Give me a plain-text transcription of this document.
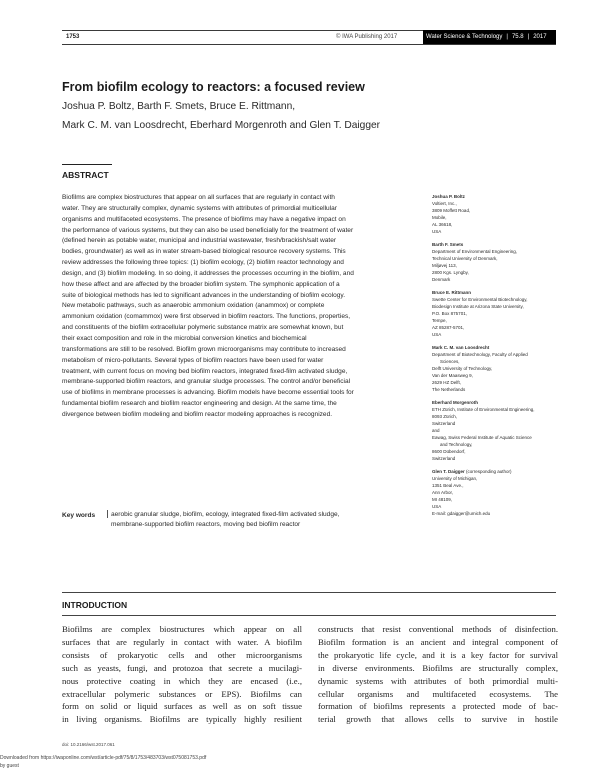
1753	© IWA Publishing 2017	Water Science & Technology | 75.8 | 2017
From biofilm ecology to reactors: a focused review
Joshua P. Boltz, Barth F. Smets, Bruce E. Rittmann,
Mark C. M. van Loosdrecht, Eberhard Morgenroth and Glen T. Daigger
ABSTRACT
Biofilms are complex biostructures that appear on all surfaces that are regularly in contact with
water. They are structurally complex, dynamic systems with attributes of primordial multicellular
organisms and multifaceted ecosystems. The presence of biofilms may have a negative impact on
the performance of various systems, but they can also be used beneficially for the treatment of water
(defined herein as potable water, municipal and industrial wastewater, fresh/brackish/salt water
bodies, groundwater) as well as in water stream-based biological resource recovery systems. This
review addresses the following three topics: (1) biofilm ecology, (2) biofilm reactor technology and
design, and (3) biofilm modeling. In so doing, it addresses the processes occurring in the biofilm, and
how these affect and are affected by the broader biofilm system. The symphonic application of a
suite of biological methods has led to significant advances in the understanding of biofilm ecology.
New metabolic pathways, such as anaerobic ammonium oxidation (anammox) or complete
ammonium oxidation (comammox) were first observed in biofilm reactors. The functions, properties,
and constituents of the biofilm extracellular polymeric substance matrix are somewhat known, but
their exact composition and role in the microbial conversion kinetics and biochemical
transformations are still to be resolved. Biofilm grown microorganisms may contribute to increased
metabolism of micro-pollutants. Several types of biofilm reactors have been used for water
treatment, with current focus on moving bed biofilm reactors, integrated fixed-film activated sludge,
membrane-supported biofilm reactors, and granular sludge processes. The control and/or beneficial
use of biofilms in membrane processes is advancing. Biofilm models have become essential tools for
fundamental biofilm research and biofilm reactor engineering and design. At the same time, the
divergence between biofilm modeling and biofilm reactor modeling approaches is recognized.
Key words aerobic granular sludge, biofilm, ecology, integrated fixed-film activated sludge,
membrane-supported biofilm reactors, moving bed biofilm reactor
Joshua P. Boltz
Voltiert, Inc.,
3809 Moffett Road,
Mobile,
AL 36618,
USA
Barth F. Smets
Department of Environmental Engineering,
Technical University of Denmark,
Miljøvej 113,
2800 Kgs. Lyngby,
Denmark
Bruce E. Rittmann
Swette Center for Environmental Biotechnology,
Biodesign Institute at Arizona State University,
P.O. Box 875701,
Tempe,
AZ 85287-5701,
USA
Mark C. M. van Loosdrecht
Department of Biotechnology, Faculty of Applied
Sciences,
Delft University of Technology,
Van der Maasweg 9,
2629 HZ Delft,
The Netherlands
Eberhard Morgenroth
ETH Zürich, Institute of Environmental Engineering,
8093 Zürich,
Switzerland
and
Eawag, Swiss Federal Institute of Aquatic Science
and Technology,
8600 Dübendorf,
Switzerland
Glen T. Daigger (corresponding author)
University of Michigan,
1351 Beal Ave.,
Ann Arbor,
MI 48109,
USA
E-mail: gdaigger@umich.edu
INTRODUCTION
Biofilms are complex biostructures which appear on all
surfaces that are regularly in contact with water. A biofilm
consists of prokaryotic cells and other microorganisms
such as yeasts, fungi, and protozoa that secrete a mucilagi-
nous protective coating in which they are encased (i.e.,
extracellular polymeric substances or EPS). Biofilms can
form on solid or liquid surfaces as well as on soft tissue
in living organisms. Biofilms are typically highly resilient
constructs that resist conventional methods of disinfection.
Biofilm formation is an ancient and integral component of
the prokaryotic life cycle, and it is a key factor for survival
in diverse environments. Biofilms are structurally complex,
dynamic systems with attributes of both primordial multi-
cellular organisms and multifaceted ecosystems. The
formation of biofilms represents a protected mode of bac-
terial growth that allows cells to survive in hostile
doi: 10.2166/wst.2017.061
Downloaded from https://iwaponline.com/wst/article-pdf/75/8/1753/483703/wst075081753.pdf
by guest
